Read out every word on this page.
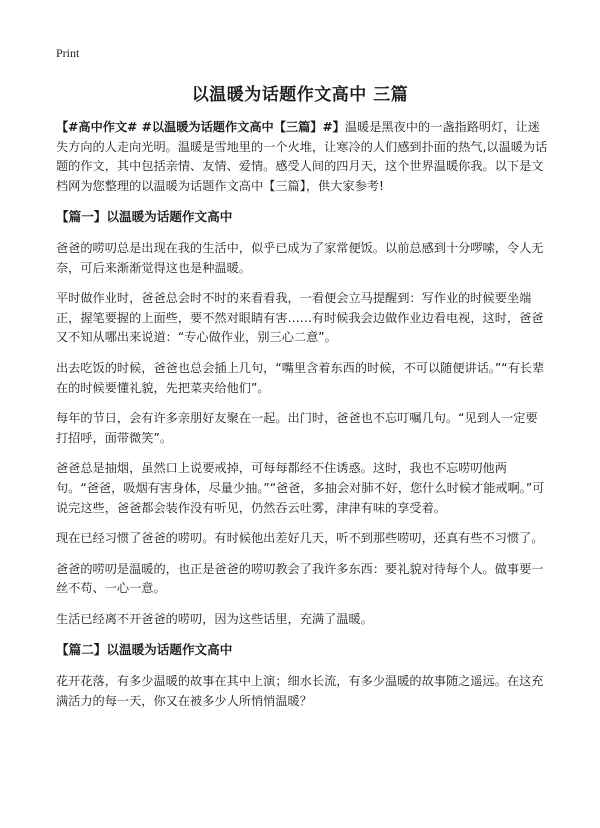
Print
以温暖为话题作文高中 三篇

【#高中作文# #以温暖为话题作文高中【三篇】#】温暖是黑夜中的一盏指路明灯，让迷失方向的人走向光明。温暖是雪地里的一个火堆，让寒冷的人们感到扑面的热气,以温暖为话题的作文，其中包括亲情、友情、爱情。感受人间的四月天，这个世界温暖你我。以下是文档网为您整理的以温暖为话题作文高中【三篇】，供大家参考!

【篇一】以温暖为话题作文高中

爸爸的唠叨总是出现在我的生活中，似乎已成为了家常便饭。以前总感到十分啰嗦，令人无奈，可后来渐渐觉得这也是种温暖。

平时做作业时，爸爸总会时不时的来看看我，一看便会立马提醒到：写作业的时候要坐端正，握笔要握的上面些，要不然对眼睛有害……有时候我会边做作业边看电视，这时，爸爸又不知从哪出来说道：“专心做作业，别三心二意”。

出去吃饭的时候，爸爸也总会插上几句，“嘴里含着东西的时候，不可以随便讲话。”“有长辈在的时候要懂礼貌，先把菜夹给他们”。

每年的节日，会有许多亲朋好友聚在一起。出门时，爸爸也不忘叮嘱几句。“见到人一定要打招呼，面带微笑”。

爸爸总是抽烟，虽然口上说要戒掉，可每每都经不住诱惑。这时，我也不忘唠叨他两句。“爸爸，吸烟有害身体，尽量少抽。”“爸爸，多抽会对肺不好，您什么时候才能戒啊。”可说完这些，爸爸都会装作没有听见，仍然吞云吐雾，津津有味的享受着。

现在已经习惯了爸爸的唠叨。有时候他出差好几天，听不到那些唠叨，还真有些不习惯了。

爸爸的唠叨是温暖的，也正是爸爸的唠叨教会了我许多东西：要礼貌对待每个人。做事要一丝不苟、一心一意。

生活已经离不开爸爸的唠叨，因为这些话里，充满了温暖。

【篇二】以温暖为话题作文高中

花开花落，有多少温暖的故事在其中上演；细水长流，有多少温暖的故事随之遥远。在这充满活力的每一天，你又在被多少人所悄悄温暖？
